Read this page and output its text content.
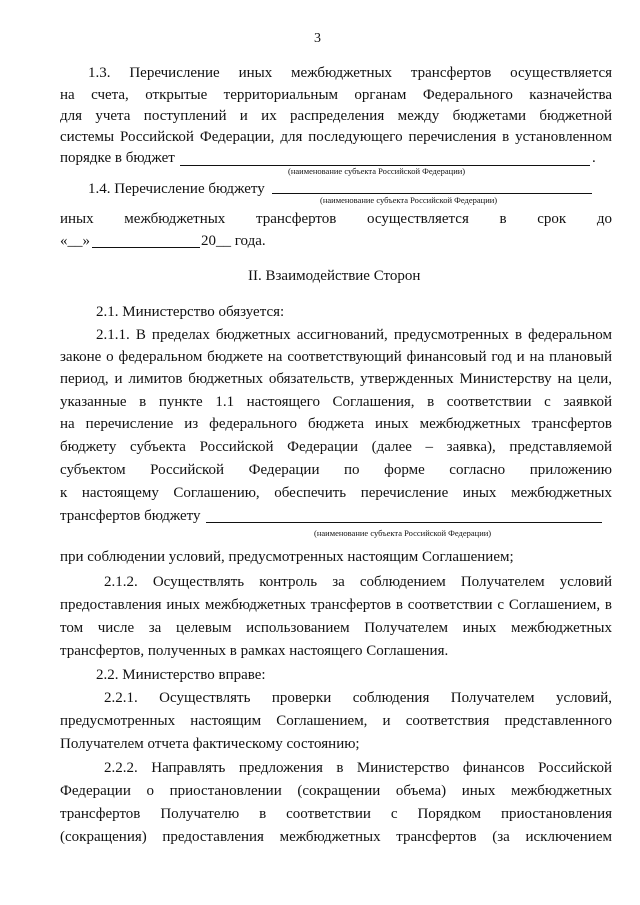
3
1.3. Перечисление иных межбюджетных трансфертов осуществляется
на счета, открытые территориальным органам Федерального казначейства
для учета поступлений и их распределения между бюджетами бюджетной
системы Российской Федерации, для последующего перечисления в установленном
порядке в бюджет	.
(наименование субъекта Российской Федерации)
1.4. Перечисление бюджету
(наименование субъекта Российской Федерации)
иных межбюджетных трансфертов осуществляется в срок до
«__»	20__ года.
II. Взаимодействие Сторон
2.1. Министерство обязуется:
2.1.1. В пределах бюджетных ассигнований, предусмотренных в федеральном
законе о федеральном бюджете на соответствующий финансовый год и на плановый
период, и лимитов бюджетных обязательств, утвержденных Министерству на цели,
указанные в пункте 1.1 настоящего Соглашения, в соответствии с заявкой
на перечисление из федерального бюджета иных межбюджетных трансфертов
бюджету субъекта Российской Федерации (далее – заявка), представляемой
субъектом Российской Федерации по форме согласно приложению
к настоящему Соглашению, обеспечить перечисление иных межбюджетных
трансфертов бюджету
(наименование субъекта Российской Федерации)
при соблюдении условий, предусмотренных настоящим Соглашением;
2.1.2. Осуществлять контроль за соблюдением Получателем условий
предоставления иных межбюджетных трансфертов в соответствии с Соглашением, в
том числе за целевым использованием Получателем иных межбюджетных
трансфертов, полученных в рамках настоящего Соглашения.
2.2. Министерство вправе:
2.2.1. Осуществлять проверки соблюдения Получателем условий,
предусмотренных настоящим Соглашением, и соответствия представленного
Получателем отчета фактическому состоянию;
2.2.2. Направлять предложения в Министерство финансов Российской
Федерации о приостановлении (сокращении объема) иных межбюджетных
трансфертов Получателю в соответствии с Порядком приостановления
(сокращения) предоставления межбюджетных трансфертов (за исключением
